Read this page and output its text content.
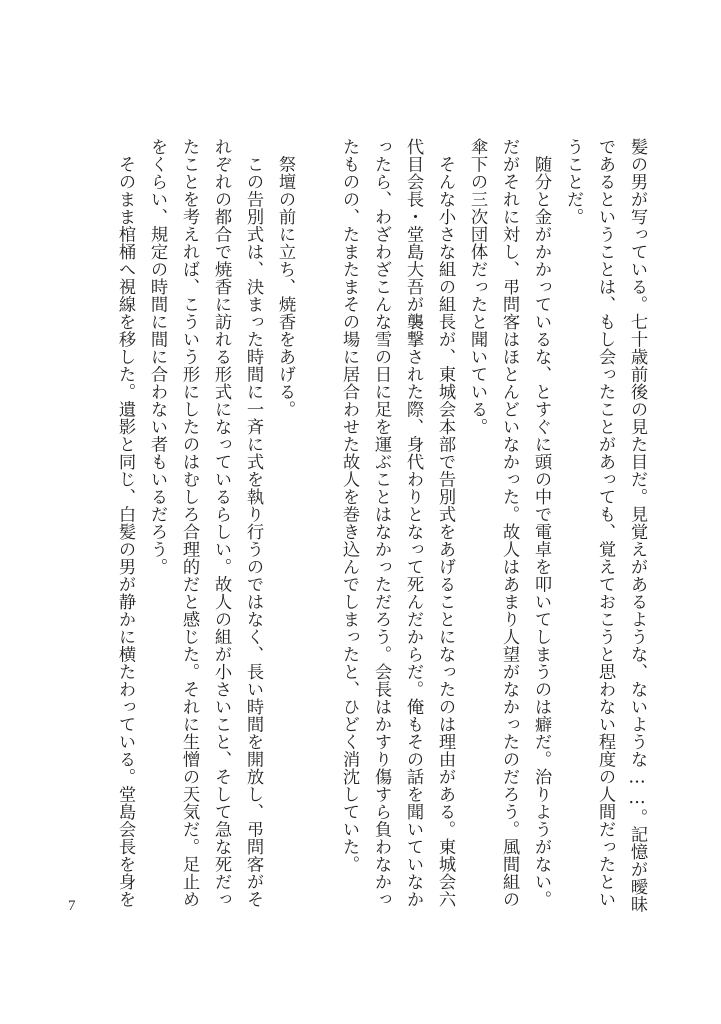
髪の男が写っている。七十歳前後の見た目だ。見覚えがあるような、ないような……。記憶が曖昧
であるということは、もし会ったことがあっても、覚えておこうと思わない程度の人間だったとい
うことだ。
　随分と金がかかっているな、とすぐに頭の中で電卓を叩いてしまうのは癖だ。治りようがない。
だがそれに対し、弔問客はほとんどいなかった。故人はあまり人望がなかったのだろう。風間組の
傘下の三次団体だったと聞いている。
　そんな小さな組の組長が、東城会本部で告別式をあげることになったのは理由がある。東城会六
代目会長・堂島大吾が襲撃された際、身代わりとなって死んだからだ。俺もその話を聞いていなか
ったら、わざわざこんな雪の日に足を運ぶことはなかっただろう。会長はかすり傷すら負わなかっ
たものの、たまたまその場に居合わせた故人を巻き込んでしまったと、ひどく消沈していた。
　祭壇の前に立ち、焼香をあげる。
　この告別式は、決まった時間に一斉に式を執り行うのではなく、長い時間を開放し、弔問客がそ
れぞれの都合で焼香に訪れる形式になっているらしい。故人の組が小さいこと、そして急な死だっ
たことを考えれば、こういう形にしたのはむしろ合理的だと感じた。それに生憎の天気だ。足止め
をくらい、規定の時間に間に合わない者もいるだろう。
　そのまま棺桶へ視線を移した。遺影と同じ、白髪の男が静かに横たわっている。堂島会長を身を
7
